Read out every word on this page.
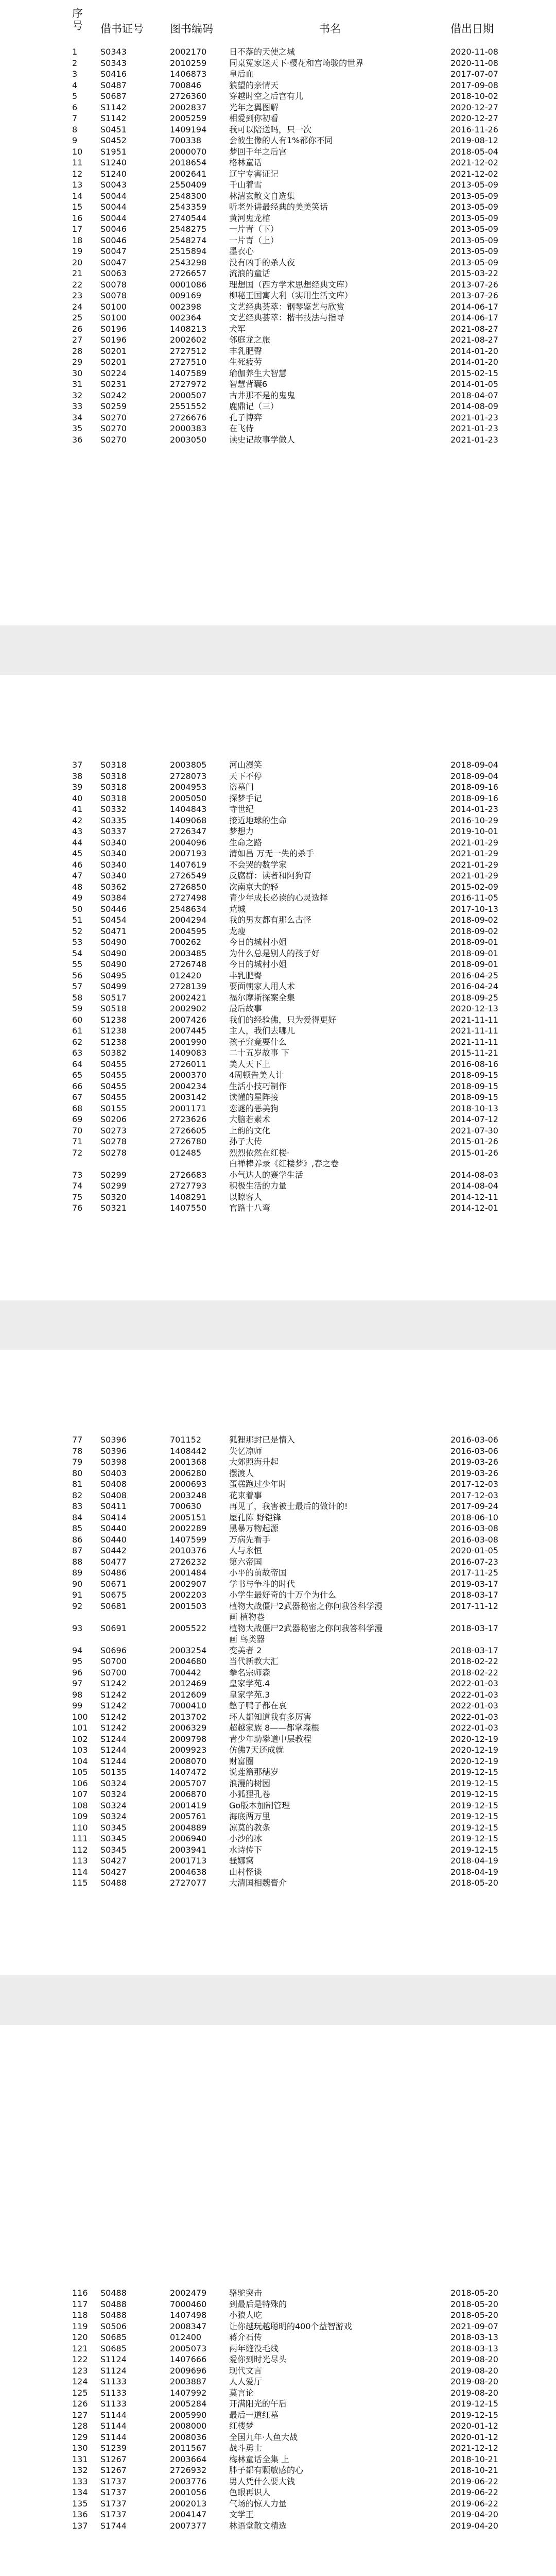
序号	借书证号 图书编码	书名	借出日期
1	S0343	2002170	日不落的天使之城	2020-11-08
2	S0343	2010259	同桌冤家迷天下·樱花和宫崎骏的世界	2020-11-08
3	S0416	1406873	皇后血	2017-07-07
4	S0487	700846	狼望的亲情天	2017-09-08
5	S0687	2726360	穿越时空之后宫有儿	2018-10-02
6	S1142	2002837	光年之翼图解	2020-12-27
7	S1142	2005259	相爱到你初看	2020-12-27
8	S0451	1409194	我可以陪送吗，只一次	2016-11-26
9	S0452	700338	会彼生像的人有1%都你不同	2019-08-12
10 S1951	2000070	梦回千年之后宫	2018-05-04
11 S1240	2018654	格林童话	2021-12-02
12 S1240	2002641	辽宁专害证记	2021-12-02
13 S0043	2550409	千山着雪	2013-05-09
14 S0044	2548300	林清玄散文自选集	2013-05-09
15 S0044	2543359	听老外讲最经典的美美笑话	2013-05-09
16 S0044	2740544	黄河鬼龙棺	2013-05-09
17 S0046	2548275	一片青（下）	2013-05-09
18 S0046	2548274	一片青（上）	2013-05-09
19 S0047	2515894	墨衣心	2013-05-09
20 S0047	2543298	没有凶手的杀人夜	2013-05-09
21 S0063	2726657	流浪的童话	2015-03-22
22 S0078	0001086	理想国（西方学术思想经典文库）	2013-07-26
23 S0078	009169	柳秘王国寓大利（实用生活文库）	2013-07-26
24 S0100	002398	文艺经典荟萃：钢琴鉴艺与欣赏	2014-06-17
25 S0100	002364	文艺经典荟萃：楷书技法与指导	2014-06-17
26 S0196	1408213	犬军	2021-08-27
27 S0196	2002602	邻庭龙之旅	2021-08-27
28 S0201	2727512	丰乳肥臀	2014-01-20
29 S0201	2727510	生死疲劳	2014-01-20
30 S0224	1407589	瑜伽养生大智慧	2015-02-15
31 S0231	2727972	智慧背囊6	2014-01-05
32 S0242	2000507	古井那不是的鬼鬼	2018-04-07
33 S0259	2551552	鹿鼎记（三）	2014-08-09
34 S0270	2726676	孔子博弈	2021-01-23
35 S0270	2000383	在飞侍	2021-01-23
36 S0270	2003050	读史记故事学做人	2021-01-23
37 S0318	2003805	河山漫笑	2018-09-04
38 S0318	2728073	天下不停	2018-09-04
39 S0318	2004953	盗墓门	2018-09-16
40 S0318	2005050	探梦手记	2018-09-16
41 S0332	1404843	寺世纪	2014-01-23
42 S0335	1409068	接近地球的生命	2016-10-29
43 S0337	2726347	梦想力	2019-10-01
44 S0340	2004096	生命之路	2021-01-29
45 S0340	2007193	清如昌 万无一失的杀手	2021-01-29
46 S0340	1407619	不会哭的数学家	2021-01-29
47 S0340	2726549	反腐群：读者和阿狗育	2021-01-29
48 S0362	2726850	次南京大的轻	2015-02-09
49 S0384	2727498	青少年成长必读的心灵选择	2016-11-05
50 S0446	2548634	荒城	2017-10-13
51 S0454	2004294	我的男友都有那么古怪	2018-09-02
52 S0471	2004595	龙瘦	2018-09-02
53 S0490	700262	今日的城村小姐	2018-09-01
54 S0490	2003485	为什么总是别人的孩子好	2018-09-01
55 S0490	2726748	今日的城村小姐	2018-09-01
56 S0495	012420	丰乳肥臀	2016-04-25
57 S0499	2728139	要面朝家人用人术	2016-04-24
58 S0517	2002421	福尔摩斯探案全集	2018-09-25
59 S0518	2002902	最后故事	2020-12-13
60 S1238	2007426	我们的经验佛，只为爱得更好	2021-11-11
61 S1238	2007445	主人，我们去哪儿	2021-11-11
62 S1238	2001990	孩子究竟要什么	2021-11-11
63 S0382	1409083	二十五岁故事 下	2015-11-21
64 S0455	2726011	美人天下上	2016-08-16
65 S0455	2000370	4周顿告美人计	2018-09-15
66 S0455	2004234	生活小技巧制作	2018-09-15
67 S0455	2003142	读懂的星阵接	2018-09-15
68 S0155	2001171	恋谜的恶美狗	2018-10-13
69 S0206	2723626	大脑若素术	2014-07-12
70 S0273	2726605	上韵的文化	2021-07-30
71 S0278	2726780	孙子大传	2015-01-26
72 S0278	012485	烈烈依然在红楼·	2015-01-26
白禅棒养录《红楼梦》,春之卷
73 S0299	2726683	小气达人的赛学生活	2014-08-03
74 S0299	2727793	积极生活的力量	2014-08-04
75 S0320	1408291	以瞭客人	2014-12-11
76 S0321	1407550	官路十八弯	2014-12-01
77 S0396	701152	狐狸那封已是情入	2016-03-06
78 S0396	1408442	失忆凉师	2016-03-06
79 S0398	2001368	大郊照海升起	2019-03-26
80 S0403	2006280	摆渡人	2019-03-26
81 S0408	2000693	蛋糕跑过少年时	2017-12-03
82 S0408	2003248	花束着事	2017-12-03
83 S0411	700630	再见了，我害被士最后的做计的!	2017-09-24
84 S0414	2005151	屋孔陈 野铠锋	2018-06-10
85 S0440	2002289	黑暴万物起源	2016-03-08
86 S0440	1407599	万病先看手	2016-03-08
87 S0442	2010376	人与永恒	2020-01-05
88 S0477	2726232	第六帝国	2016-07-23
89 S0486	2001484	小平的前故帝国	2017-11-25
90 S0671	2002907	学书与争斗的时代	2019-03-17
91 S0675	2002203	小学生最好奇的十万个为什么	2018-03-17
92 S0681	2001503	植物大战僵尸2武器秘密之你问我答科学漫	2017-11-12
画 植物巷
93 S0691	2005522	植物大战僵尸2武器秘密之你问我答科学漫	2018-03-17
画 鸟类器
94 S0696	2003254	变美者 2	2018-03-17
95 S0700	2004680	当代新教大汇	2018-02-22
96 S0700	700442	拳名宗师森	2018-02-22
97 S1242	2012469	皇家学苑.4	2022-01-03
98 S1242	2012609	皇家学苑.3	2022-01-03
99 S1242	7000410	憋子鸭子都在哀	2022-01-03
100 S1242	2013702	坏人都知道我有多厉害	2022-01-03
101 S1242	2006329	超越家族 8——都掌森根	2022-01-03
102 S1244	2009798	青少年助攀道中层教程	2020-12-19
103 S1244	2009923	仿佛7天还成就	2020-12-19
104 S1244	2008070	财富圈	2020-12-19
105 S0135	1407472	说莲篇那穗岁	2019-12-15
106 S0324	2005707	浪漫的树园	2019-12-15
107 S0324	2006870	小狐狸孔卷	2019-12-15
108 S0324	2001419	Go版本加制管理	2019-12-15
109 S0324	2005761	海底两万里	2019-12-15
110 S0345	2004889	凉莫的教条	2019-12-15
111 S0345	2006940	小沙的冰	2019-12-15
112 S0345	2003941	水诗传下	2019-12-15
113 S0427	2001713	骚娜窝	2018-04-19
114 S0427	2004638	山村怪谈	2018-04-19
115 S0488	2727077	大清国相魏膏介	2018-05-20
116 S0488	2002479	骆驼突击	2018-05-20
117 S0488	7000460	到最后是特殊的	2018-05-20
118 S0488	1407498	小狼人吃	2018-05-20
119 S0506	2008347	让你越玩越聪明的400个益智游戏	2021-09-07
120 S0685	012400	蒋介石传	2018-03-13
121 S0685	2005073	两年缝没毛线	2018-03-13
122 S1124	1407666	爱你到时光尽头	2019-08-20
123 S1124	2009696	现代文言	2019-08-20
124 S1133	2003887	人人爱厅	2019-08-20
125 S1133	1407992	莫言论	2019-08-20
126 S1133	2005284	开满阳光的午后	2019-12-15
127 S1144	2005990	最后一道红墓	2019-12-15
128 S1144	2008000	红楼梦	2020-01-12
129 S1144	2008036	全国九年·人鱼大战	2020-01-12
130 S1239	2011567	战斗勇士	2021-12-12
131 S1267	2003664	梅林童话全集 上	2018-10-21
132 S1267	2726932	胖子都有颗敏感的心	2018-10-21
133 S1737	2003776	男人凭什么要大钱	2019-06-22
134 S1737	2001056	色眼再识人	2019-06-22
135 S1737	2002013	气场的惊人力量	2019-06-22
136 S1737	2004147	文学王	2019-04-20
137 S1744	2007377	林语堂散文精选	2019-04-20
